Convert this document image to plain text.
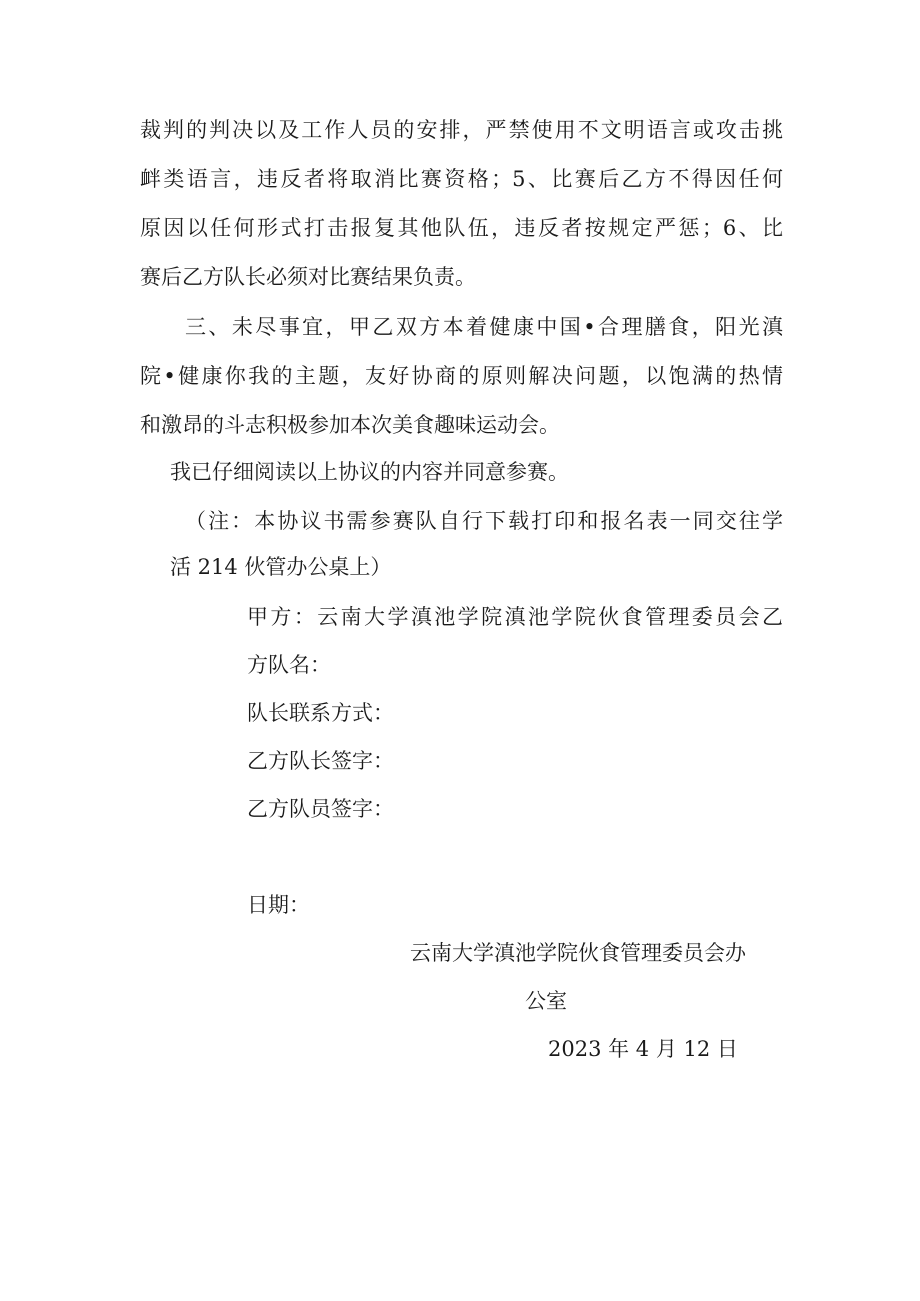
裁判的判决以及工作人员的安排，严禁使用不文明语言或攻击挑

衅类语言，违反者将取消比赛资格；5、比赛后乙方不得因任何

原因以任何形式打击报复其他队伍，违反者按规定严惩；6、比

赛后乙方队长必须对比赛结果负责。

三、未尽事宜，甲乙双方本着健康中国•合理膳食，阳光滇

院•健康你我的主题，友好协商的原则解决问题，以饱满的热情

和激昂的斗志积极参加本次美食趣味运动会。

我已仔细阅读以上协议的内容并同意参赛。

（注：本协议书需参赛队自行下载打印和报名表一同交往学

活 214 伙管办公桌上）

甲方：云南大学滇池学院滇池学院伙食管理委员会乙

方队名：

队长联系方式：

乙方队长签字：

乙方队员签字：

日期：

云南大学滇池学院伙食管理委员会办

公室

2023 年 4 月 12 日
